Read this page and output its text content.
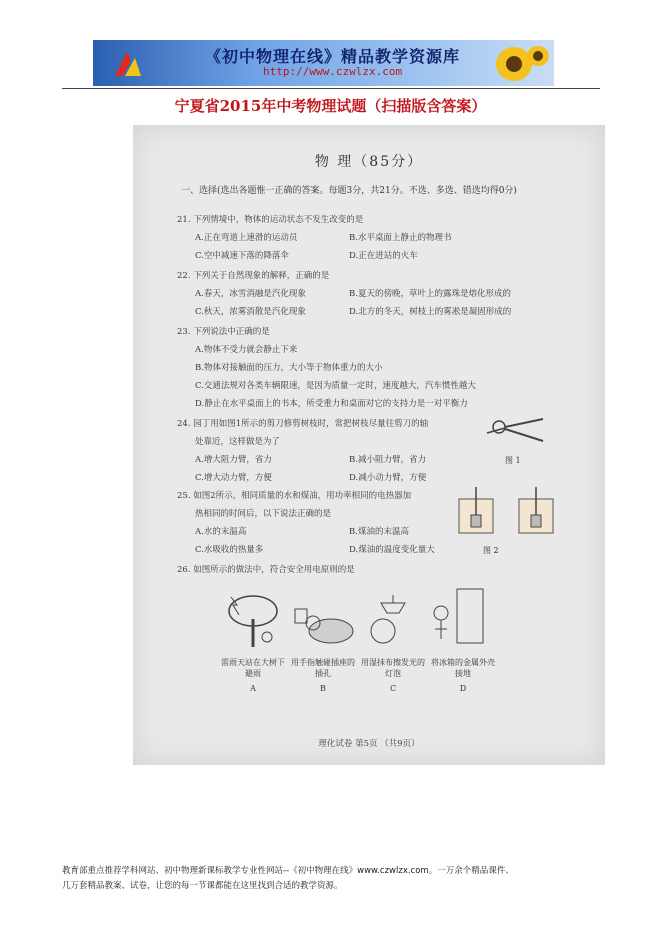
《初中物理在线》精品教学资源库
http://www.czwlzx.com
宁夏省2015年中考物理试题（扫描版含答案）
物 理（85分）
一、选择(选出各题惟一正确的答案。每题3分，共21分。不选、多选、错选均得0分)
21. 下列情境中，物体的运动状态不发生改变的是
A.正在弯道上速滑的运动员	B.水平桌面上静止的物理书
C.空中减速下落的降落伞	D.正在进站的火车
22. 下列关于自然现象的解释，正确的是
A.春天，冰雪消融是汽化现象	B.夏天的傍晚，草叶上的露珠是熔化形成的
C.秋天，浓雾消散是汽化现象	D.北方的冬天，树枝上的雾凇是凝固形成的
23. 下列说法中正确的是
A.物体不受力就会静止下来
B.物体对接触面的压力，大小等于物体重力的大小
C.交通法规对各类车辆限速，是因为质量一定时，速度越大，汽车惯性越大
D.静止在水平桌面上的书本，所受重力和桌面对它的支持力是一对平衡力
24. 园丁用如图1所示的剪刀修剪树枝时，常把树枝尽量往剪刀的轴
处靠近，这样做是为了
A.增大阻力臂，省力	B.减小阻力臂，省力
C.增大动力臂，方便	D.减小动力臂，方便
图 1
25. 如图2所示，相同质量的水和煤油，用功率相同的电热器加
热相同的时间后，以下说法正确的是
A.水的末温高	B.煤油的末温高
C.水吸收的热量多	D.煤油的温度变化量大	图 2
26. 如图所示的做法中，符合安全用电原则的是
雷雨天站在大树下避雨
用手指触碰插座的插孔
用湿抹布擦发光的灯泡
将冰箱的金属外壳接地
A	B	C	D
理化试卷 第5页 （共9页）
教育部重点推荐学科网站、初中物理新课标教学专业性网站--《初中物理在线》www.czwlzx.com。一万余个精品课件、
几万套精品教案、试卷，让您的每一节课都能在这里找到合适的教学资源。
